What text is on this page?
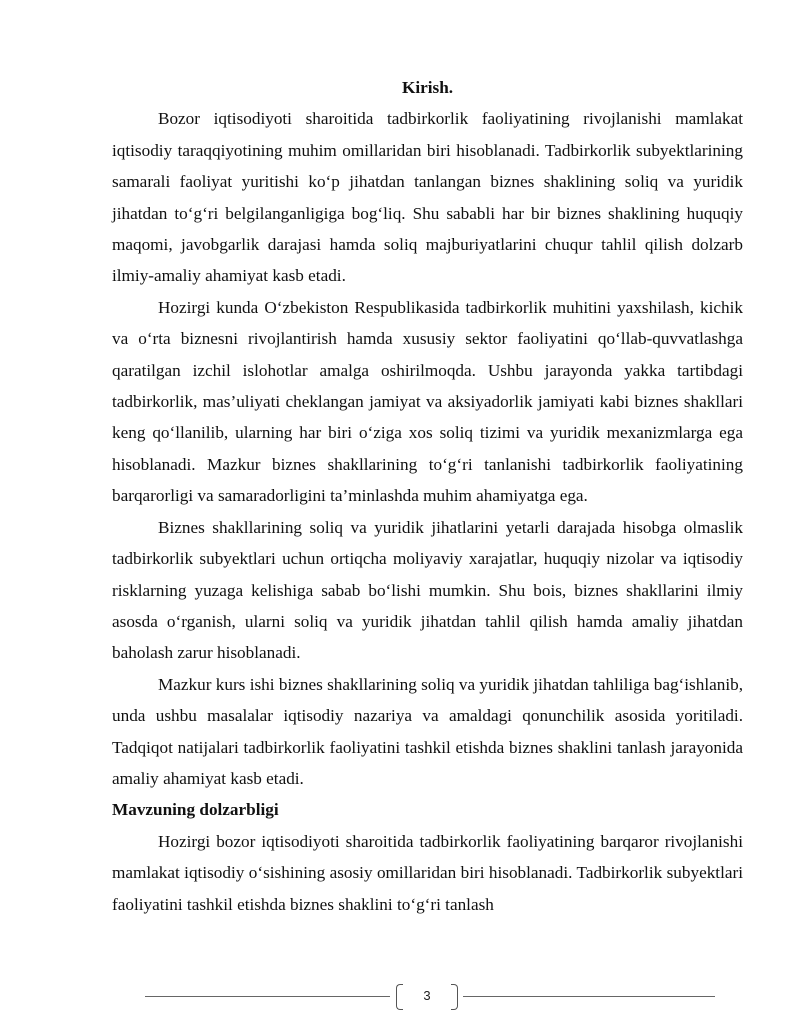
Kirish.

Bozor iqtisodiyoti sharoitida tadbirkorlik faoliyatining rivojlanishi mamlakat iqtisodiy taraqqiyotining muhim omillaridan biri hisoblanadi. Tadbirkorlik subyektlarining samarali faoliyat yuritishi ko‘p jihatdan tanlangan biznes shaklining soliq va yuridik jihatdan to‘g‘ri belgilanganligiga bog‘liq. Shu sababli har bir biznes shaklining huquqiy maqomi, javobgarlik darajasi hamda soliq majburiyatlarini chuqur tahlil qilish dolzarb ilmiy-amaliy ahamiyat kasb etadi.

Hozirgi kunda O‘zbekiston Respublikasida tadbirkorlik muhitini yaxshilash, kichik va o‘rta biznesni rivojlantirish hamda xususiy sektor faoliyatini qo‘llab-quvvatlashga qaratilgan izchil islohotlar amalga oshirilmoqda. Ushbu jarayonda yakka tartibdagi tadbirkorlik, mas’uliyati cheklangan jamiyat va aksiyadorlik jamiyati kabi biznes shakllari keng qo‘llanilib, ularning har biri o‘ziga xos soliq tizimi va yuridik mexanizmlarga ega hisoblanadi. Mazkur biznes shakllarining to‘g‘ri tanlanishi tadbirkorlik faoliyatining barqarorligi va samaradorligini ta’minlashda muhim ahamiyatga ega.

Biznes shakllarining soliq va yuridik jihatlarini yetarli darajada hisobga olmaslik tadbirkorlik subyektlari uchun ortiqcha moliyaviy xarajatlar, huquqiy nizolar va iqtisodiy risklarning yuzaga kelishiga sabab bo‘lishi mumkin. Shu bois, biznes shakllarini ilmiy asosda o‘rganish, ularni soliq va yuridik jihatdan tahlil qilish hamda amaliy jihatdan baholash zarur hisoblanadi.

Mazkur kurs ishi biznes shakllarining soliq va yuridik jihatdan tahliliga bag‘ishlanib, unda ushbu masalalar iqtisodiy nazariya va amaldagi qonunchilik asosida yoritiladi. Tadqiqot natijalari tadbirkorlik faoliyatini tashkil etishda biznes shaklini tanlash jarayonida amaliy ahamiyat kasb etadi.

Mavzuning dolzarbligi

Hozirgi bozor iqtisodiyoti sharoitida tadbirkorlik faoliyatining barqaror rivojlanishi mamlakat iqtisodiy o‘sishining asosiy omillaridan biri hisoblanadi. Tadbirkorlik subyektlari faoliyatini tashkil etishda biznes shaklini to‘g‘ri tanlash

3
